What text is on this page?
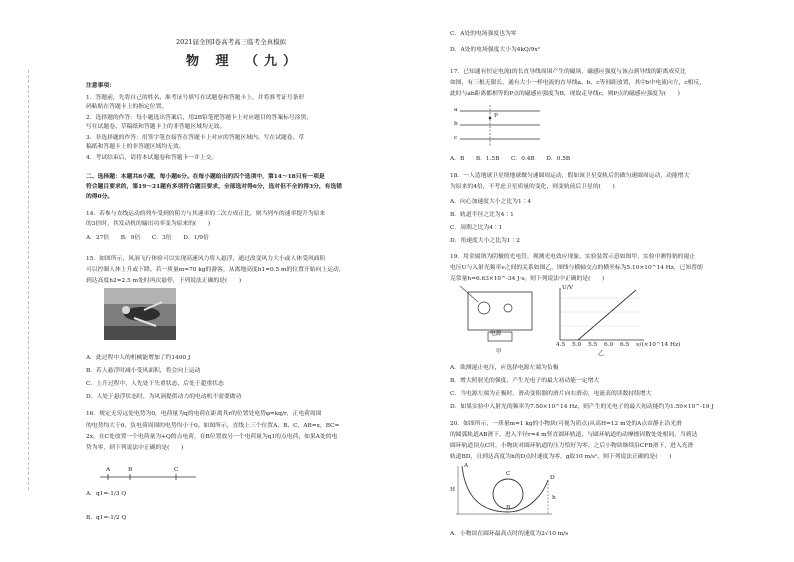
2021届全国Ⅰ卷高考高三临考全真模拟
物 理 （九）
注意事项：
1．答题前，先将自己的姓名、准考证号填写在试题卷和答题卡上，并将准考证号条形
码粘贴在答题卡上的指定位置。
2．选择题的作答：每小题选出答案后，用2B铅笔把答题卡上对应题目的答案标号涂黑，
写在试题卷、草稿纸和答题卡上的非答题区域均无效。
3．非选择题的作答：用签字笔直接答在答题卡上对应的答题区域内。写在试题卷、草
稿纸和答题卡上的非答题区域均无效。
4．考试结束后，请将本试题卷和答题卡一并上交。
二、选择题：本题共8小题，每小题6分。在每小题给出的四个选项中，第14～18只有一项是
符合题目要求的，第19～21题有多项符合题目要求，全部选对得6分，选对但不全的得3分，有选错
的得0分。
14．若参与直线运动的列车受到的阻力与其速率的二次方成正比，则当列车的速率提升为原来
的3倍时，其发动机的输出功率变为原来的(　　)
A．27倍　　B．9倍　　C．3倍　　D．1/9倍
15．如图所示，风洞飞行体验可以实现高速风力将人悬浮，通过改变风力大小或人体受风面积
可以控制人体上升或下降。若一质量m=70 kg的游客，从离地高度h1=0.5 m的位置开始向上运动，
到达高度h2=2.5 m处时再次悬停，下列说法正确的是(　　)
A．此过程中人的机械能增加了约1400 J
B．若人悬浮时减小受风面积，将会向上运动
C．上升过程中，人先处于失重状态，后处于超重状态
D．人处于悬浮状态时，为风洞提供动力的电动机不需要做功
16．规定无穷远处电势为0，电荷量为q的电荷在距离其r的位置处电势φ=kq/r，正电荷周围
的电势均大于0，负电荷周围的电势均小于0。如图所示，直线上三个位置A、B、C，AB=x，BC=
2x，在C处放置一个电荷量为+Q的点电荷，在B位置放另一个电荷量为q1的点电荷，如果A处的电
势为零，则下列说法中正确的是(　　)
A	B	C
A．q1=-1/3 Q
B．q1=-1/2 Q
C．A处的电场强度也为零
D．A处的电场强度大小为4kQ/9x²
17．已知通有恒定电流I的长直导线周围产生的磁场，磁感应强度与该点到导线的距离成反比
如图，有三根无限长、通有大小一样电流的直导线a、b、c等间距放置，其中b中电流向左，c相反，
此时与ab距离都相等的P点的磁感应强度为B，现取走导线c，则P点的磁感应强度为(　　)
a
b
c
P
A．B　　B．1.5B　　C．0.4B　　D．0.5B
18．一人造地球卫星绕地球做匀速圆周运动，假如该卫星变轨后仍做匀速圆周运动，动能增大
为原来的4倍，不考虑卫星质量的变化，则变轨前后卫星的(　　)
A．向心加速度大小之比为1∶4
B．轨道半径之比为4∶1
C．周期之比为4∶1
D．角速度大小之比为1∶2
19．用金属钠为阴极的光电管，观测光电效应现象，实验装置示意如图甲，实验中测得钠的遏止
电压U与入射光频率ν之间的关系如图乙，图线与横轴交点的横坐标为5.10×10^14 Hz，已知普朗
克常量h=6.63×10^-34 J·s。则下列说法中正确的是(　　)
电源
甲
U/V
4.5 5.0 5.5 6.0 6.5 ν/(×10^14 Hz)
乙
A．欲测遏止电压，应选择电源左端为负极
B．增大照射光的强度，产生光电子的最大初动能一定增大
C．当电源左端为正极时，滑动变阻器的滑片向右滑动，电流表的读数持续增大
D．如果实验中入射光的频率为7.50×10^14 Hz，则产生的光电子的最大初动能约为1.59×10^-19 J
20．如图所示，一质量m=1 kg的小物块(可视为质点)从高H=12 m处的A点由静止沿光滑
的圆弧轨道AB滑下，进入半径r=4 m竖直圆环轨道，与圆环轨道的动摩擦因数处处相同，当到达
圆环轨道顶点C时，小物块对圆环轨道的压力恰好为零。之后小物块继续沿CFB滑下，进入光滑
轨道BD，且到达高度为h的D点时速度为零，g取10 m/s²，则下列说法正确的是(　　)
A
B
C
D
H
h
A．小物块在圆环最高点时的速度为2√10 m/s
